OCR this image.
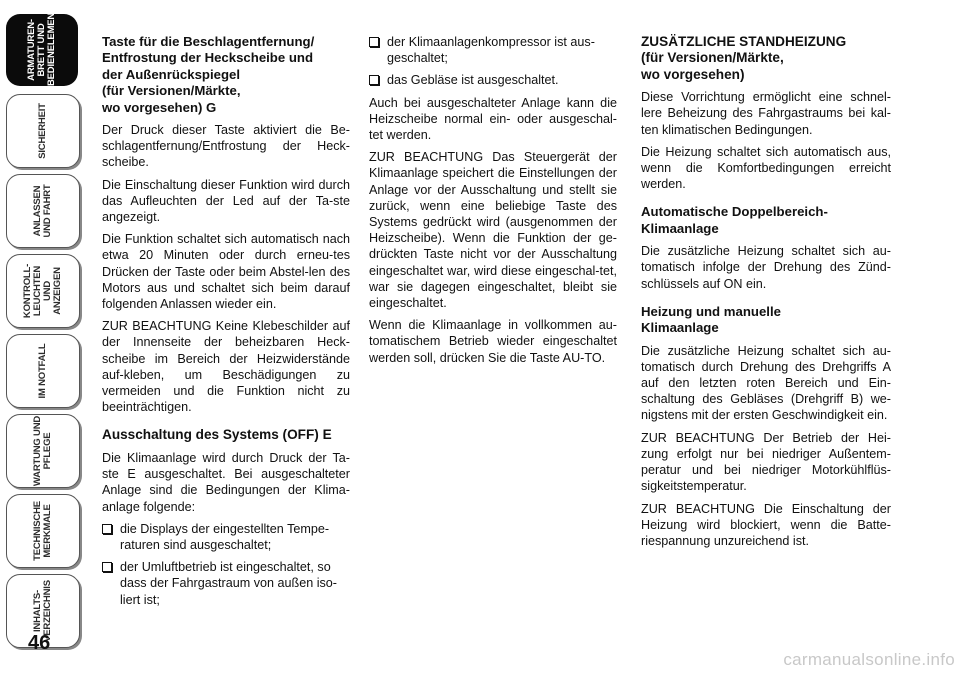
ARMATUREN-
BRETT UND
BEDIENELEMENTE
SICHERHEIT
ANLASSEN
UND FAHRT
KONTROLL-
LEUCHTEN UND
ANZEIGEN
IM NOTFALL
WARTUNG UND
PFLEGE
TECHNISCHE
MERKMALE
INHALTS-
VERZEICHNIS
46
Taste für die Beschlagentfernung/
Entfrostung der Heckscheibe und
der Außenrückspiegel
(für Versionen/Märkte,
wo vorgesehen) G

Der Druck dieser Taste aktiviert die Be-schlagentfernung/Entfrostung der Heck-scheibe.

Die Einschaltung dieser Funktion wird durch das Aufleuchten der Led auf der Ta-ste angezeigt.

Die Funktion schaltet sich automatisch nach etwa 20 Minuten oder durch erneu-tes Drücken der Taste oder beim Abstel-len des Motors aus und schaltet sich beim darauf folgenden Anlassen wieder ein.

ZUR BEACHTUNG Keine Klebeschilder auf der Innenseite der beheizbaren Heck-scheibe im Bereich der Heizwiderstände auf-kleben, um Beschädigungen zu vermeiden und die Funktion nicht zu beeinträchtigen.

Ausschaltung des Systems (OFF) E

Die Klimaanlage wird durch Druck der Ta-ste E ausgeschaltet. Bei ausgeschalteter Anlage sind die Bedingungen der Klima-anlage folgende:

die Displays der eingestellten Tempe-
raturen sind ausgeschaltet;
der Umluftbetrieb ist eingeschaltet, so
dass der Fahrgastraum von außen iso-
liert ist;
der Klimaanlagenkompressor ist aus-
geschaltet;
das Gebläse ist ausgeschaltet.

Auch bei ausgeschalteter Anlage kann die Heizscheibe normal ein- oder ausgeschal-tet werden.

ZUR BEACHTUNG Das Steuergerät der Klimaanlage speichert die Einstellungen der Anlage vor der Ausschaltung und stellt sie zurück, wenn eine beliebige Taste des Systems gedrückt wird (ausgenommen der Heizscheibe). Wenn die Funktion der ge-drückten Taste nicht vor der Ausschaltung eingeschaltet war, wird diese eingeschal-tet, war sie dagegen eingeschaltet, bleibt sie eingeschaltet.

Wenn die Klimaanlage in vollkommen au-tomatischem Betrieb wieder eingeschaltet werden soll, drücken Sie die Taste AU-TO.

ZUSÄTZLICHE STANDHEIZUNG
(für Versionen/Märkte,
wo vorgesehen)

Diese Vorrichtung ermöglicht eine schnel-lere Beheizung des Fahrgastraums bei kal-ten klimatischen Bedingungen.

Die Heizung schaltet sich automatisch aus, wenn die Komfortbedingungen erreicht werden.

Automatische Doppelbereich-
Klimaanlage

Die zusätzliche Heizung schaltet sich au-tomatisch infolge der Drehung des Zünd-schlüssels auf ON ein.

Heizung und manuelle
Klimaanlage

Die zusätzliche Heizung schaltet sich au-tomatisch durch Drehung des Drehgriffs A auf den letzten roten Bereich und Ein-schaltung des Gebläses (Drehgriff B) we-nigstens mit der ersten Geschwindigkeit ein.

ZUR BEACHTUNG Der Betrieb der Hei-zung erfolgt nur bei niedriger Außentem-peratur und bei niedriger Motorkühlflüs-sigkeitstemperatur.

ZUR BEACHTUNG Die Einschaltung der Heizung wird blockiert, wenn die Batte-riespannung unzureichend ist.

carmanualsonline.info
